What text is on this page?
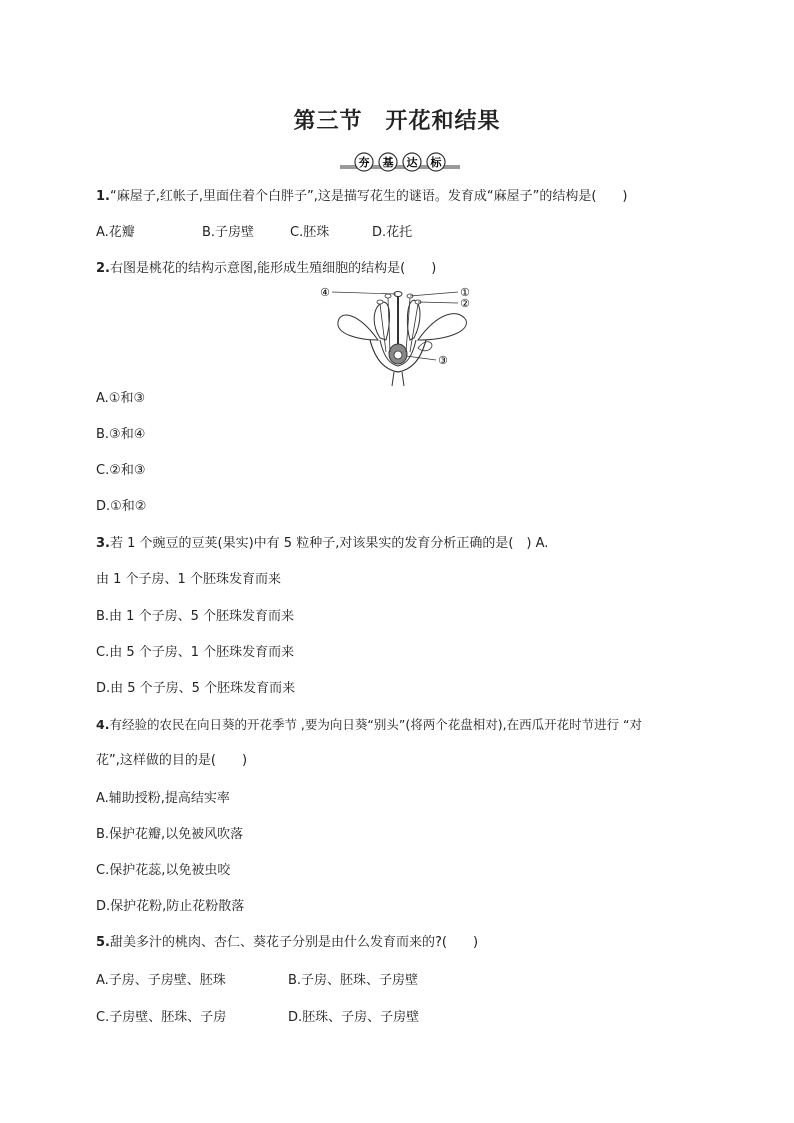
第三节　开花和结果
夯 基 达 标
1.“麻屋子,红帐子,里面住着个白胖子”,这是描写花生的谜语。发育成“麻屋子”的结构是(　　)
A.花瓣	B.子房壁	C.胚珠	D.花托
2.右图是桃花的结构示意图,能形成生殖细胞的结构是(　　)
④	①
②
③
A.①和③
B.③和④
C.②和③
D.①和②
3.若 1 个豌豆的豆荚(果实)中有 5 粒种子,对该果实的发育分析正确的是(　) A.
由 1 个子房、1 个胚珠发育而来
B.由 1 个子房、5 个胚珠发育而来
C.由 5 个子房、1 个胚珠发育而来
D.由 5 个子房、5 个胚珠发育而来
4.有经验的农民在向日葵的开花季节 ,要为向日葵“别头”(将两个花盘相对),在西瓜开花时节进行 “对
花”,这样做的目的是(　　)
A.辅助授粉,提高结实率
B.保护花瓣,以免被风吹落
C.保护花蕊,以免被虫咬
D.保护花粉,防止花粉散落
5.甜美多汁的桃肉、杏仁、葵花子分别是由什么发育而来的?(　　)
A.子房、子房壁、胚珠	B.子房、胚珠、子房壁
C.子房壁、胚珠、子房	D.胚珠、子房、子房壁
